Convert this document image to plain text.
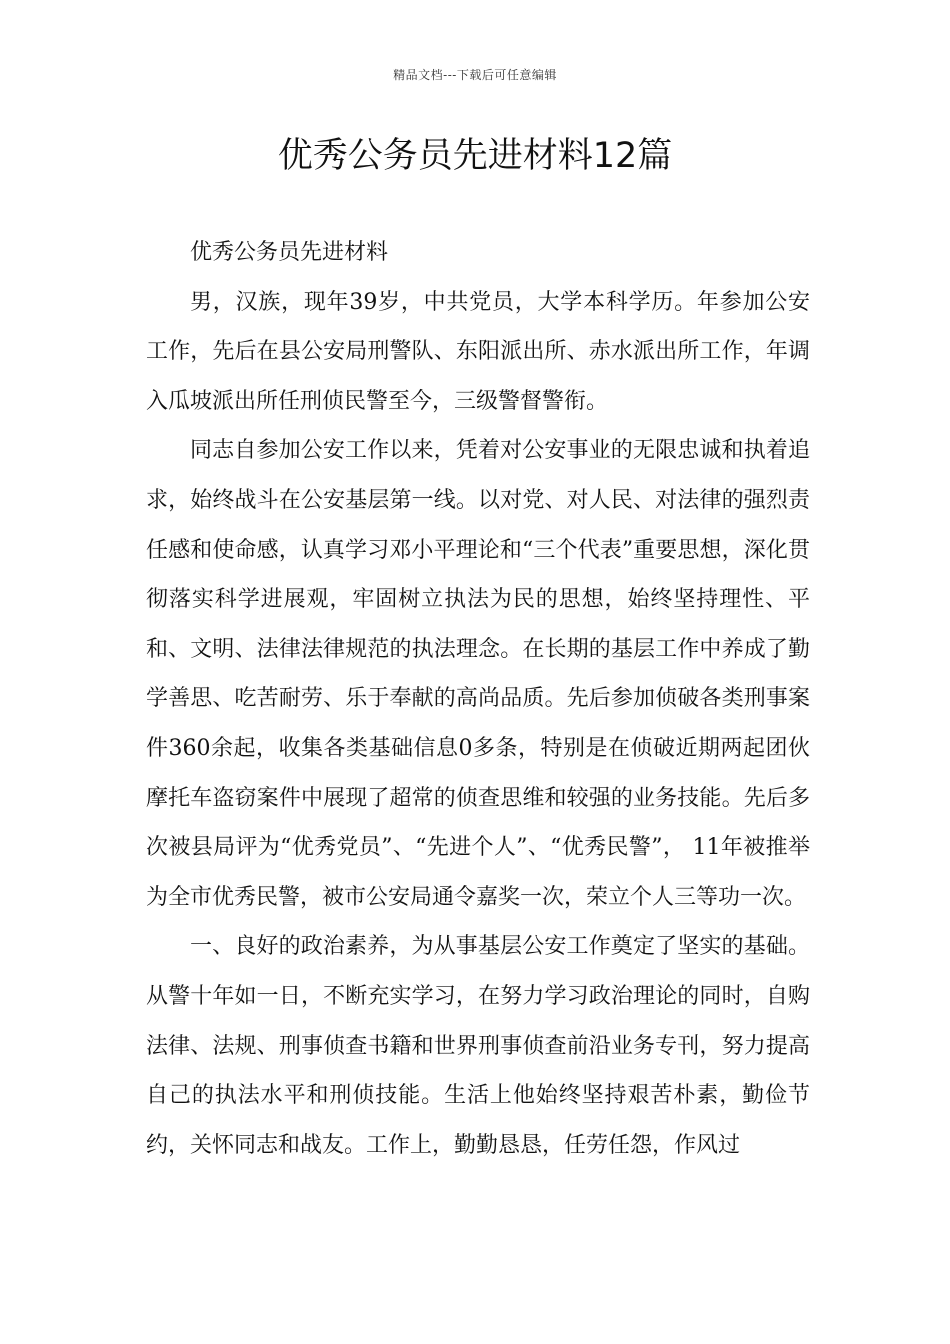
精品文档---下载后可任意编辑
优秀公务员先进材料12篇

优秀公务员先进材料

男，汉族，现年39岁，中共党员，大学本科学历。年参加公安工作，先后在县公安局刑警队、东阳派出所、赤水派出所工作，年调入瓜坡派出所任刑侦民警至今，三级警督警衔。

同志自参加公安工作以来，凭着对公安事业的无限忠诚和执着追求，始终战斗在公安基层第一线。以对党、对人民、对法律的强烈责任感和使命感，认真学习邓小平理论和“三个代表”重要思想，深化贯彻落实科学进展观，牢固树立执法为民的思想，始终坚持理性、平和、文明、法律法律规范的执法理念。在长期的基层工作中养成了勤学善思、吃苦耐劳、乐于奉献的高尚品质。先后参加侦破各类刑事案件360余起，收集各类基础信息0多条，特别是在侦破近期两起团伙摩托车盗窃案件中展现了超常的侦查思维和较强的业务技能。先后多次被县局评为“优秀党员”、“先进个人”、“优秀民警”， 11年被推举为全市优秀民警，被市公安局通令嘉奖一次，荣立个人三等功一次。

一、良好的政治素养，为从事基层公安工作奠定了坚实的基础。从警十年如一日，不断充实学习，在努力学习政治理论的同时，自购法律、法规、刑事侦查书籍和世界刑事侦查前沿业务专刊，努力提高自己的执法水平和刑侦技能。生活上他始终坚持艰苦朴素，勤俭节约，关怀同志和战友。工作上，勤勤恳恳，任劳任怨，作风过
